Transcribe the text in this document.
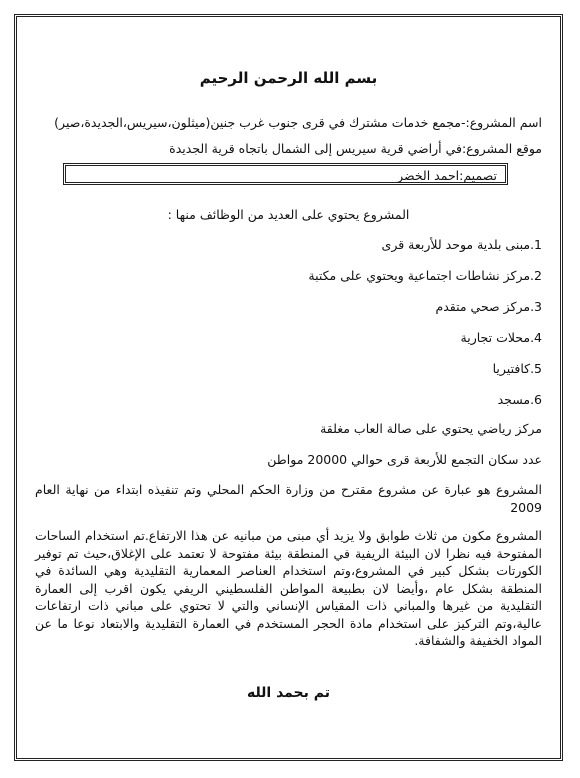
بسم الله الرحمن الرحيم
اسم المشروع:-مجمع خدمات مشترك في قرى جنوب غرب جنين(ميثلون،سيريس،الجديدة،صير)
موقع المشروع:في أراضي قرية سيريس إلى الشمال باتجاه قرية الجديدة
تصميم:احمد الخضر
المشروع يحتوي على العديد من الوظائف منها :
1.مبنى بلدية موحد للأربعة قرى
2.مركز نشاطات اجتماعية ويحتوي على مكتبة
3.مركز صحي متقدم
4.محلات تجارية
5.كافتيريا
6.مسجد
مركز رياضي يحتوي على صالة العاب مغلقة
عدد سكان التجمع للأربعة قرى حوالي 20000 مواطن
المشروع هو عبارة عن مشروع مقترح من وزارة الحكم المحلي وتم تنفيذه ابتداء من نهاية العام 2009
المشروع مكون من ثلاث طوابق ولا يزيد أي مبنى من مبانيه عن هذا الارتفاع.تم استخدام الساحات المفتوحة فيه نظرا لان البيئة الريفية في المنطقة بيئة مفتوحة لا تعتمد على الإغلاق،حيث تم توفير الكورتات بشكل كبير في المشروع،وتم استخدام العناصر المعمارية التقليدية وهي السائدة في المنطقة بشكل عام ،وأيضا لان بطبيعة المواطن الفلسطيني الريفي يكون اقرب إلى العمارة التقليدية من غيرها والمباني ذات المقياس الإنساني والتي لا تحتوي على مباني ذات ارتفاعات عالية،وتم التركيز على استخدام مادة الحجر المستخدم في العمارة التقليدية والابتعاد نوعا ما عن المواد الخفيفة والشفافة.
تم بحمد الله
